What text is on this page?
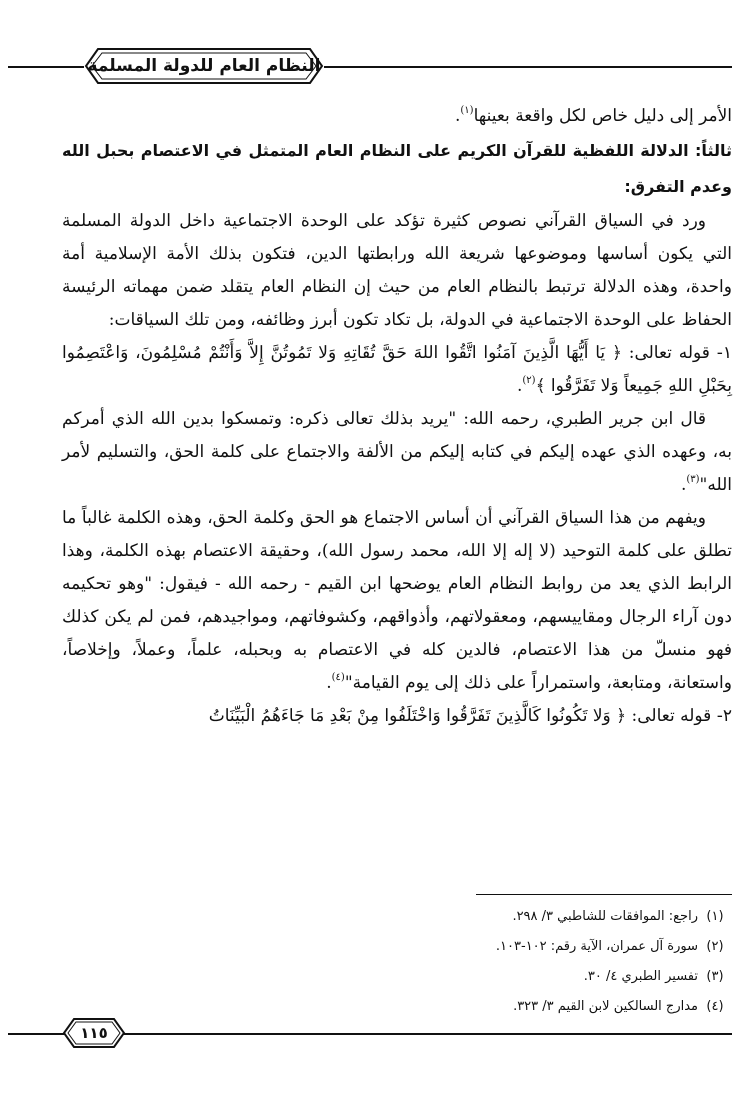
النظام العام للدولة المسلمة

الأمر إلى دليل خاص لكل واقعة بعينها$^{(١)}$.

ثالثاً: الدلالة اللفظية للقرآن الكريم على النظام العام المتمثل في الاعتصام بحبل الله وعدم التفرق:

ورد في السياق القرآني نصوص كثيرة تؤكد على الوحدة الاجتماعية داخل الدولة المسلمة التي يكون أساسها وموضوعها شريعة الله ورابطتها الدين، فتكون بذلك الأمة الإسلامية أمة واحدة، وهذه الدلالة ترتبط بالنظام العام من حيث إن النظام العام يتقلد ضمن مهماته الرئيسة الحفاظ على الوحدة الاجتماعية في الدولة، بل تكاد تكون أبرز وظائفه، ومن تلك السياقات:

١- قوله تعالى: ﴿ يَا أَيُّهَا الَّذِينَ آمَنُوا اتَّقُوا اللهَ حَقَّ تُقَاتِهِ وَلا تَمُوتُنَّ إِلاَّ وَأَنْتُمْ مُسْلِمُونَ، وَاعْتَصِمُوا بِحَبْلِ اللهِ جَمِيعاً وَلا تَفَرَّقُوا ﴾$^{(٢)}$.

قال ابن جرير الطبري، رحمه الله: "يريد بذلك تعالى ذكره: وتمسكوا بدين الله الذي أمركم به، وعهده الذي عهده إليكم في كتابه إليكم من الألفة والاجتماع على كلمة الحق، والتسليم لأمر الله"$^{(٣)}$.

ويفهم من هذا السياق القرآني أن أساس الاجتماع هو الحق وكلمة الحق، وهذه الكلمة غالباً ما تطلق على كلمة التوحيد (لا إله إلا الله، محمد رسول الله)، وحقيقة الاعتصام بهذه الكلمة، وهذا الرابط الذي يعد من روابط النظام العام يوضحها ابن القيم - رحمه الله - فيقول: "وهو تحكيمه دون آراء الرجال ومقاييسهم، ومعقولاتهم، وأذواقهم، وكشوفاتهم، ومواجيدهم، فمن لم يكن كذلك فهو منسلّ من هذا الاعتصام، فالدين كله في الاعتصام به وبحبله، علماً، وعملاً، وإخلاصاً، واستعانة، ومتابعة، واستمراراً على ذلك إلى يوم القيامة"$^{(٤)}$.

٢- قوله تعالى: ﴿ وَلا تَكُونُوا كَالَّذِينَ تَفَرَّقُوا وَاخْتَلَفُوا مِنْ بَعْدِ مَا جَاءَهُمُ الْبَيِّنَاتُ

(١)راجع: الموافقات للشاطبي ٣/ ٢٩٨.
(٢)سورة آل عمران، الآية رقم: ١٠٢-١٠٣.
(٣)تفسير الطبري ٤/ ٣٠.
(٤)مدارج السالكين لابن القيم ٣/ ٣٢٣.
١١٥
